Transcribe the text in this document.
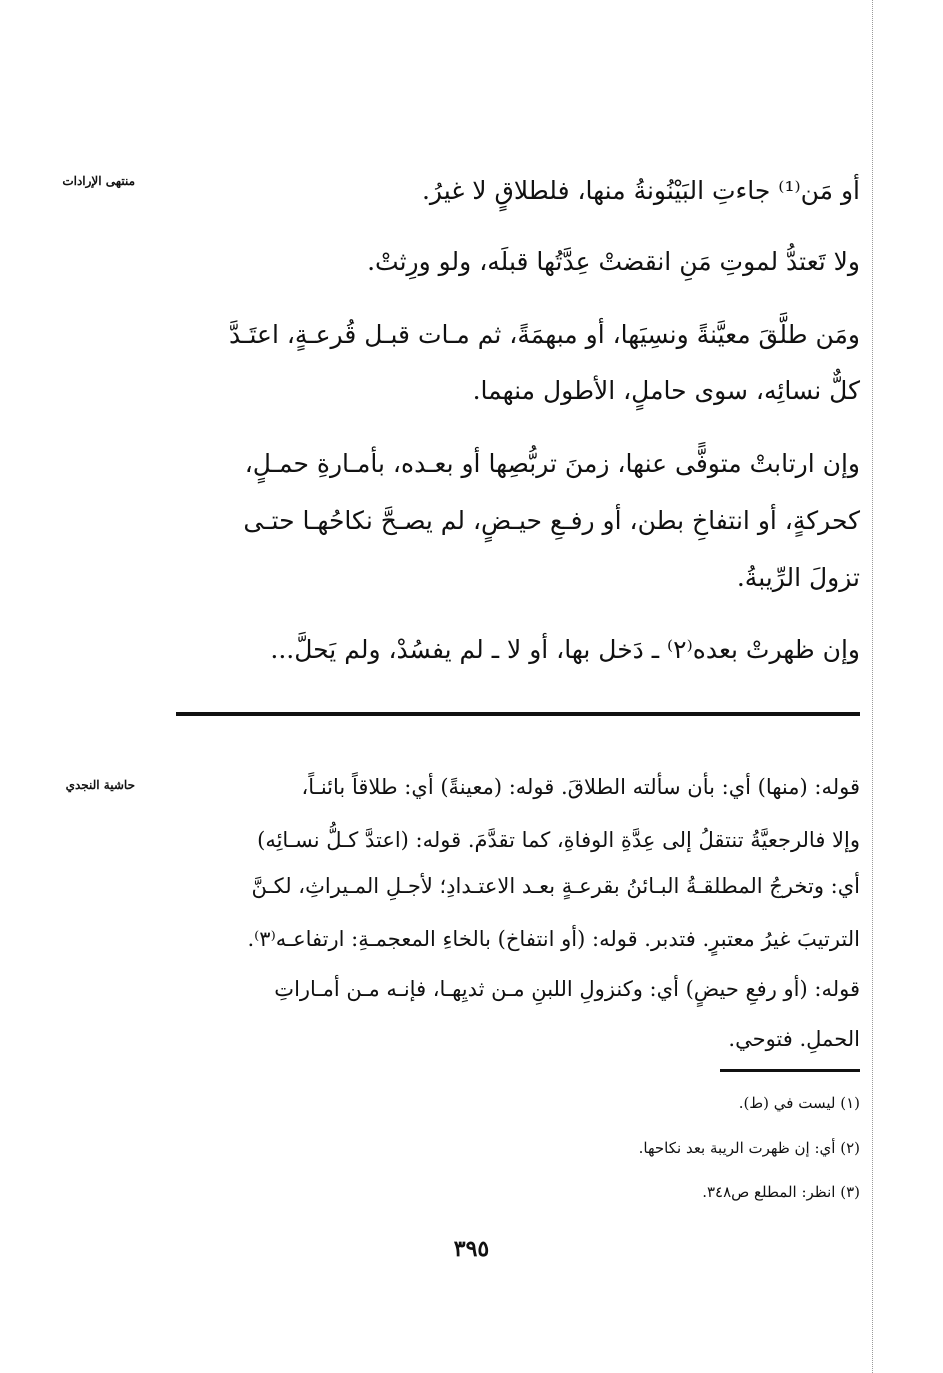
منتهى الإرادات
حاشية النجدي
أو مَن⁽¹⁾ جاءتِ البَيْنُونةُ منها، فلطلاقٍ لا غيرُ.
ولا تَعتدُّ لموتِ مَنِ انقضتْ عِدَّتُها قبلَه، ولو ورِثتْ.
ومَن طلَّقَ معيَّنةً ونسِيَها، أو مبهمَةً، ثم مـات قبـل قُرعـةٍ، اعتَـدَّ
كلٌّ نسائِه، سوى حاملٍ، الأطول منهما.
وإن ارتابتْ متوفًّى عنها، زمنَ تربُّصِها أو بعـده، بأمـارةِ حمـلٍ،
كحركةٍ، أو انتفاخِ بطن، أو رفـعِ حيـضٍ، لم يصـحَّ نكاحُهـا حتـى
تزولَ الرِّيبةُ.
وإن ظهرتْ بعده⁽٢⁾ ـ دَخل بها، أو لا ـ لم يفسُدْ، ولم يَحلَّ...
قوله: (منها) أي: بأن سألته الطلاقَ. قوله: (معينةً) أي: طلاقاً بائنـاً،
وإلا فالرجعيَّةُ تنتقلُ إلى عِدَّةِ الوفاةِ، كما تقدَّمَ. قوله: (اعتدَّ كـلُّ نسـائِه)
أي: وتخرجُ المطلقـةُ البـائنُ بقرعـةٍ بعـد الاعتـدادِ؛ لأجـلِ المـيراثِ، لكـنَّ
الترتيبَ غيرُ معتبرٍ. فتدبر. قوله: (أو انتفاخ) بالخاءِ المعجمـةِ: ارتفاعـه⁽٣⁾.
قوله: (أو رفعِ حيضٍ) أي: وكنزولِ اللبنِ مـن ثديِهـا، فإنـه مـن أمـاراتِ
الحملِ. فتوحي.
(١) ليست في (ط).
(٢) أي: إن ظهرت الريبة بعد نكاحها.
(٣) انظر: المطلع ص٣٤٨.
٣٩٥
